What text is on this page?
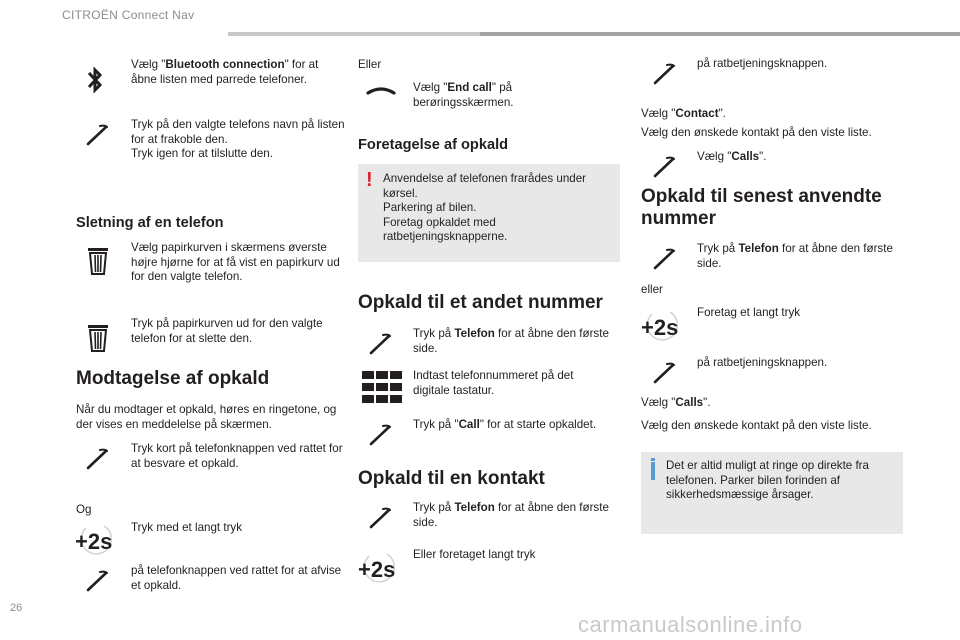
CITROËN Connect Nav
Vælg "Bluetooth connection" for at åbne listen med parrede telefoner.
Tryk på den valgte telefons navn på listen for at frakoble den.
Tryk igen for at tilslutte den.
Sletning af en telefon
Vælg papirkurven i skærmens øverste højre hjørne for at få vist en papirkurv ud for den valgte telefon.
Tryk på papirkurven ud for den valgte telefon for at slette den.
Modtagelse af opkald
Når du modtager et opkald, høres en ringetone, og der vises en meddelelse på skærmen.
Tryk kort på telefonknappen ved rattet for at besvare et opkald.
Og
+2s
Tryk med et langt tryk
på telefonknappen ved rattet for at afvise et opkald.
Eller
Vælg "End call" på berøringsskærmen.
Foretagelse af opkald
! Anvendelse af telefonen frarådes under kørsel.
Parkering af bilen.
Foretag opkaldet med ratbetjeningsknapperne.
Opkald til et andet nummer
Tryk på Telefon for at åbne den første side.
Indtast telefonnummeret på det digitale tastatur.
Tryk på "Call" for at starte opkaldet.
Opkald til en kontakt
Tryk på Telefon for at åbne den første side.
+2s
Eller foretaget langt tryk
på ratbetjeningsknappen.
Vælg "Contact".
Vælg den ønskede kontakt på den viste liste.
Vælg "Calls".
Opkald til senest anvendte nummer
Tryk på Telefon for at åbne den første side.
eller
+2s
Foretag et langt tryk
på ratbetjeningsknappen.
Vælg "Calls".
Vælg den ønskede kontakt på den viste liste.
Det er altid muligt at ringe op direkte fra telefonen. Parker bilen forinden af sikkerhedsmæssige årsager.
26
carmanualsonline.info
